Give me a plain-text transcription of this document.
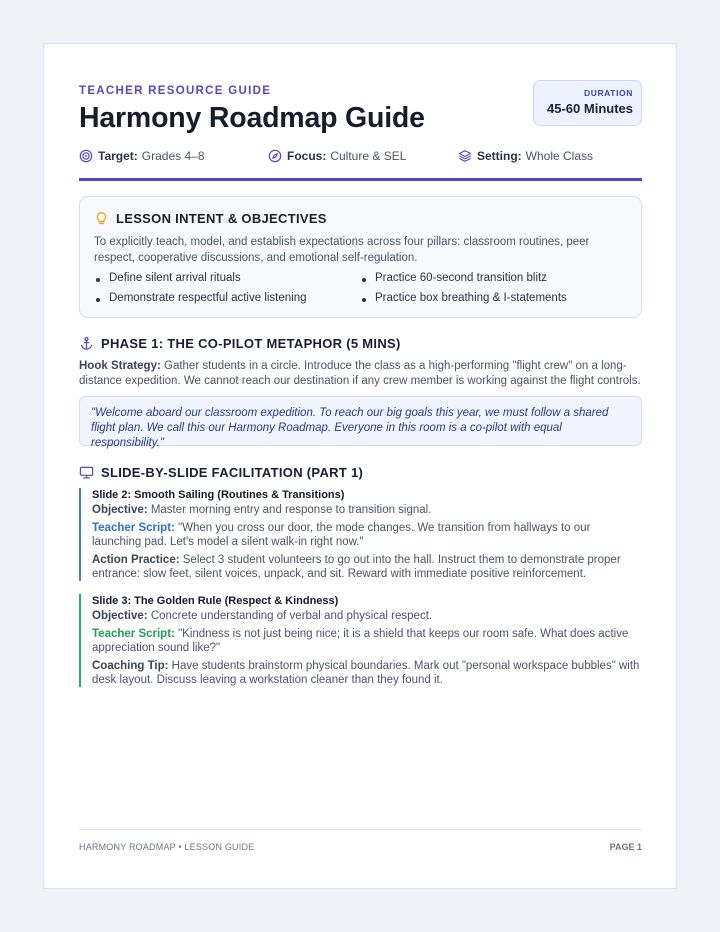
TEACHER RESOURCE GUIDE
Harmony Roadmap Guide
DURATION
45-60 Minutes
Target: Grades 4–8	Focus: Culture & SEL	Setting: Whole Class
LESSON INTENT & OBJECTIVES

To explicitly teach, model, and establish expectations across four pillars: classroom routines, peer respect, cooperative discussions, and emotional self-regulation.

Define silent arrival rituals	Practice 60-second transition blitz
Demonstrate respectful active listening	Practice box breathing & I-statements
PHASE 1: THE CO-PILOT METAPHOR (5 MINS)
Hook Strategy: Gather students in a circle. Introduce the class as a high-performing "flight crew" on a long-distance expedition. We cannot reach our destination if any crew member is working against the flight controls.
"Welcome aboard our classroom expedition. To reach our big goals this year, we must follow a shared flight plan. We call this our Harmony Roadmap. Everyone in this room is a co-pilot with equal responsibility."
SLIDE-BY-SLIDE FACILITATION (PART 1)
Slide 2: Smooth Sailing (Routines & Transitions)
Objective: Master morning entry and response to transition signal.
Teacher Script: "When you cross our door, the mode changes. We transition from hallways to our launching pad. Let's model a silent walk-in right now."
Action Practice: Select 3 student volunteers to go out into the hall. Instruct them to demonstrate proper entrance: slow feet, silent voices, unpack, and sit. Reward with immediate positive reinforcement.
Slide 3: The Golden Rule (Respect & Kindness)
Objective: Concrete understanding of verbal and physical respect.
Teacher Script: "Kindness is not just being nice; it is a shield that keeps our room safe. What does active appreciation sound like?"
Coaching Tip: Have students brainstorm physical boundaries. Mark out "personal workspace bubbles" with desk layout. Discuss leaving a workstation cleaner than they found it.
HARMONY ROADMAP • LESSON GUIDE	PAGE 1
